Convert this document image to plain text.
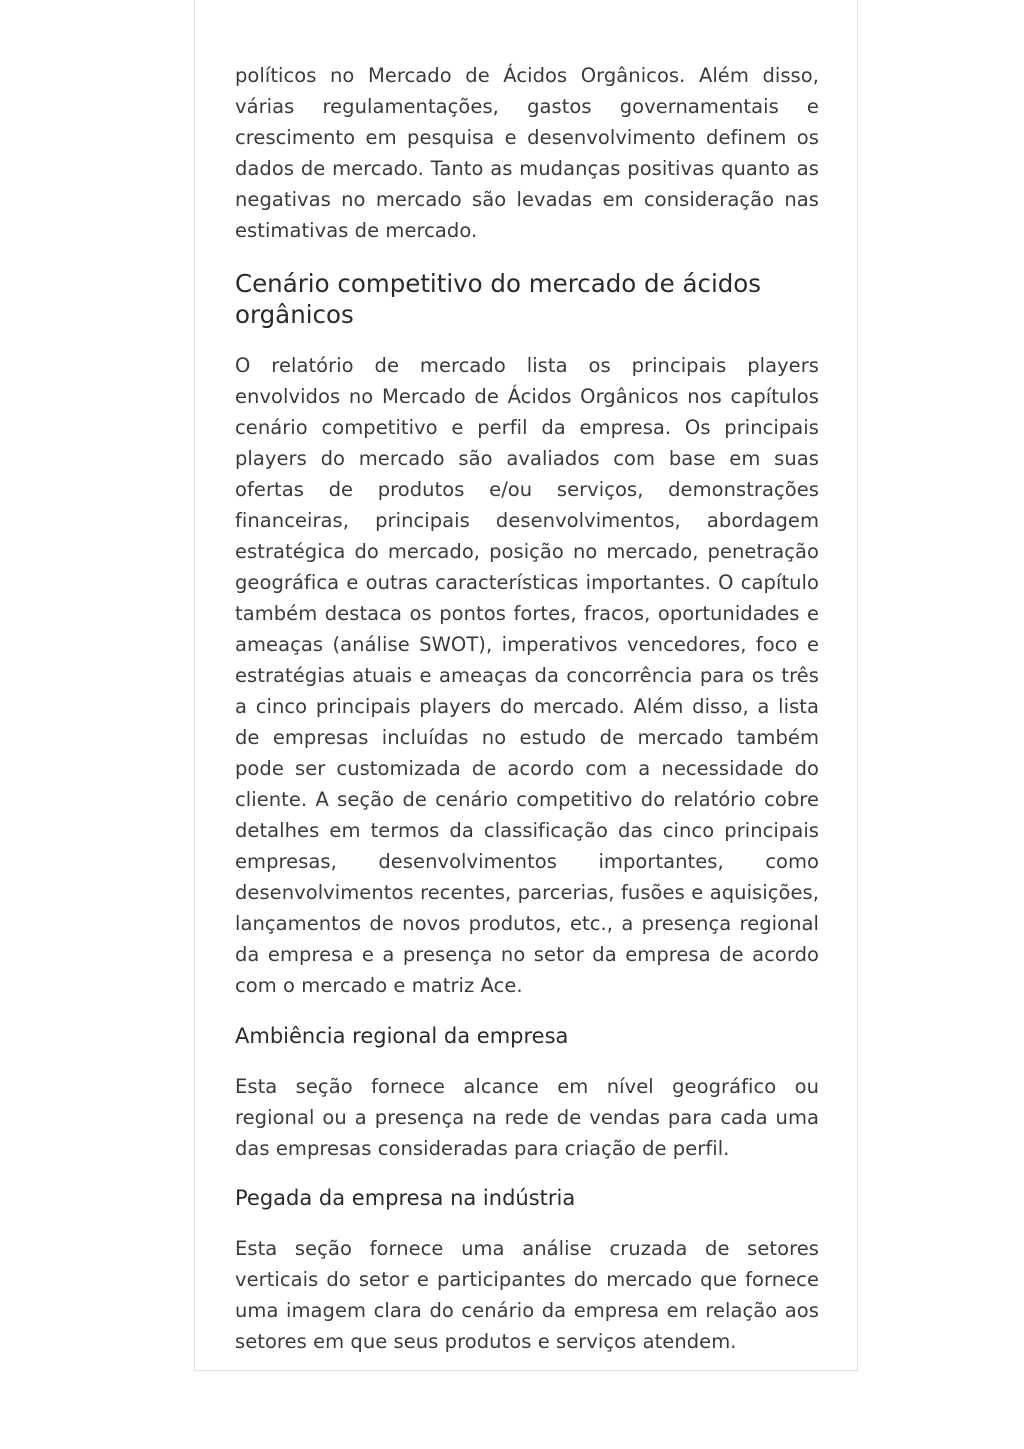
políticos no Mercado de Ácidos Orgânicos. Além disso, várias regulamentações, gastos governamentais e crescimento em pesquisa e desenvolvimento definem os dados de mercado. Tanto as mudanças positivas quanto as negativas no mercado são levadas em consideração nas estimativas de mercado.

Cenário competitivo do mercado de ácidos orgânicos

O relatório de mercado lista os principais players envolvidos no Mercado de Ácidos Orgânicos nos capítulos cenário competitivo e perfil da empresa. Os principais players do mercado são avaliados com base em suas ofertas de produtos e/ou serviços, demonstrações financeiras, principais desenvolvimentos, abordagem estratégica do mercado, posição no mercado, penetração geográfica e outras características importantes. O capítulo também destaca os pontos fortes, fracos, oportunidades e ameaças (análise SWOT), imperativos vencedores, foco e estratégias atuais e ameaças da concorrência para os três a cinco principais players do mercado. Além disso, a lista de empresas incluídas no estudo de mercado também pode ser customizada de acordo com a necessidade do cliente. A seção de cenário competitivo do relatório cobre detalhes em termos da classificação das cinco principais empresas, desenvolvimentos importantes, como desenvolvimentos recentes, parcerias, fusões e aquisições, lançamentos de novos produtos, etc., a presença regional da empresa e a presença no setor da empresa de acordo com o mercado e matriz Ace.

Ambiência regional da empresa

Esta seção fornece alcance em nível geográfico ou regional ou a presença na rede de vendas para cada uma das empresas consideradas para criação de perfil.

Pegada da empresa na indústria

Esta seção fornece uma análise cruzada de setores verticais do setor e participantes do mercado que fornece uma imagem clara do cenário da empresa em relação aos setores em que seus produtos e serviços atendem.
